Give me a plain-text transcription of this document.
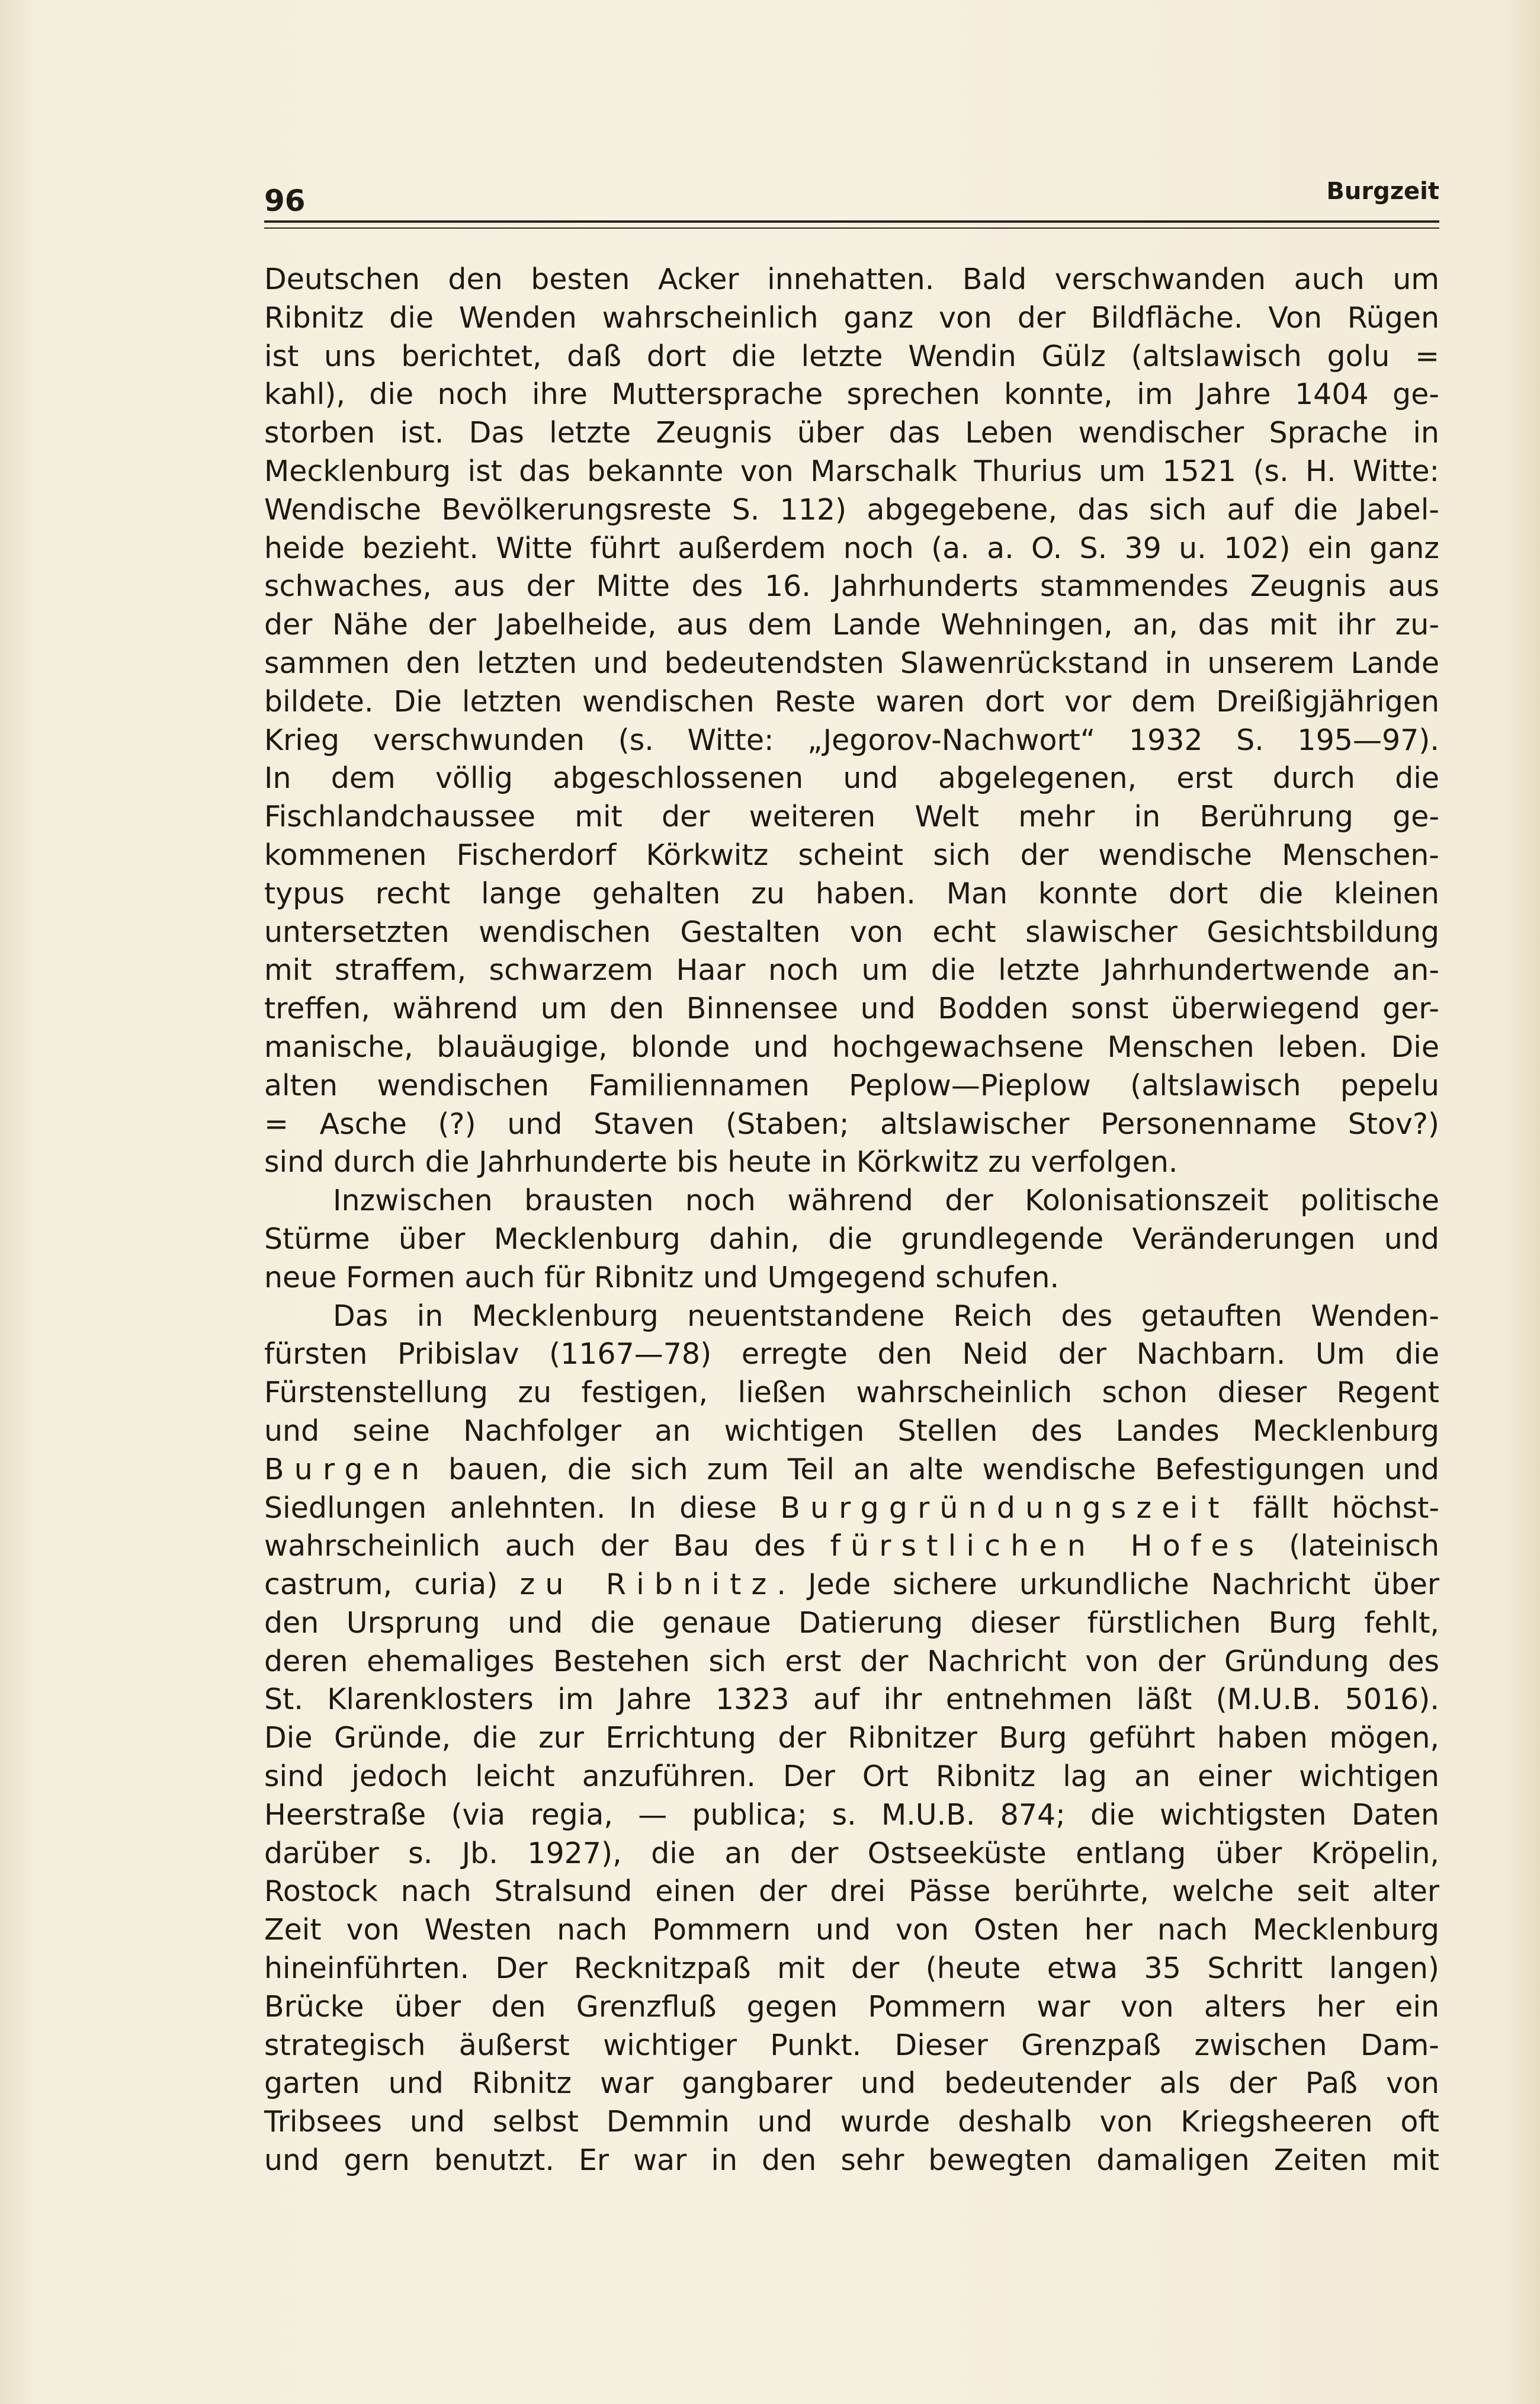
96	Burgzeit

Deutschen den besten Acker innehatten. Bald verschwanden auch um

Ribnitz die Wenden wahrscheinlich ganz von der Bildfläche. Von Rügen

ist uns berichtet, daß dort die letzte Wendin Gülz (altslawisch golu =

kahl), die noch ihre Muttersprache sprechen konnte, im Jahre 1404 ge-

storben ist. Das letzte Zeugnis über das Leben wendischer Sprache in

Mecklenburg ist das bekannte von Marschalk Thurius um 1521 (s. H. Witte:

Wendische Bevölkerungsreste S. 112) abgegebene, das sich auf die Jabel-

heide bezieht. Witte führt außerdem noch (a. a. O. S. 39 u. 102) ein ganz

schwaches, aus der Mitte des 16. Jahrhunderts stammendes Zeugnis aus

der Nähe der Jabelheide, aus dem Lande Wehningen, an, das mit ihr zu-

sammen den letzten und bedeutendsten Slawenrückstand in unserem Lande

bildete. Die letzten wendischen Reste waren dort vor dem Dreißigjährigen

Krieg verschwunden (s. Witte: „Jegorov-Nachwort“ 1932 S. 195—97).

In dem völlig abgeschlossenen und abgelegenen, erst durch die

Fischlandchaussee mit der weiteren Welt mehr in Berührung ge-

kommenen Fischerdorf Körkwitz scheint sich der wendische Menschen-

typus recht lange gehalten zu haben. Man konnte dort die kleinen

untersetzten wendischen Gestalten von echt slawischer Gesichtsbildung

mit straffem, schwarzem Haar noch um die letzte Jahrhundertwende an-

treffen, während um den Binnensee und Bodden sonst überwiegend ger-

manische, blauäugige, blonde und hochgewachsene Menschen leben. Die

alten wendischen Familiennamen Peplow—Pieplow (altslawisch pepelu

= Asche (?) und Staven (Staben; altslawischer Personenname Stov?)

sind durch die Jahrhunderte bis heute in Körkwitz zu verfolgen.

Inzwischen brausten noch während der Kolonisationszeit politische

Stürme über Mecklenburg dahin, die grundlegende Veränderungen und

neue Formen auch für Ribnitz und Umgegend schufen.

Das in Mecklenburg neuentstandene Reich des getauften Wenden-

fürsten Pribislav (1167—78) erregte den Neid der Nachbarn. Um die

Fürstenstellung zu festigen, ließen wahrscheinlich schon dieser Regent

und seine Nachfolger an wichtigen Stellen des Landes Mecklenburg

Burgen bauen, die sich zum Teil an alte wendische Befestigungen und

Siedlungen anlehnten. In diese Burggründungszeit fällt höchst-

wahrscheinlich auch der Bau des fürstlichen Hofes (lateinisch

castrum, curia) zu Ribnitz. Jede sichere urkundliche Nachricht über

den Ursprung und die genaue Datierung dieser fürstlichen Burg fehlt,

deren ehemaliges Bestehen sich erst der Nachricht von der Gründung des

St. Klarenklosters im Jahre 1323 auf ihr entnehmen läßt (M.U.B. 5016).

Die Gründe, die zur Errichtung der Ribnitzer Burg geführt haben mögen,

sind jedoch leicht anzuführen. Der Ort Ribnitz lag an einer wichtigen

Heerstraße (via regia, — publica; s. M.U.B. 874; die wichtigsten Daten

darüber s. Jb. 1927), die an der Ostseeküste entlang über Kröpelin,

Rostock nach Stralsund einen der drei Pässe berührte, welche seit alter

Zeit von Westen nach Pommern und von Osten her nach Mecklenburg

hineinführten. Der Recknitzpaß mit der (heute etwa 35 Schritt langen)

Brücke über den Grenzfluß gegen Pommern war von alters her ein

strategisch äußerst wichtiger Punkt. Dieser Grenzpaß zwischen Dam-

garten und Ribnitz war gangbarer und bedeutender als der Paß von

Tribsees und selbst Demmin und wurde deshalb von Kriegsheeren oft

und gern benutzt. Er war in den sehr bewegten damaligen Zeiten mit
